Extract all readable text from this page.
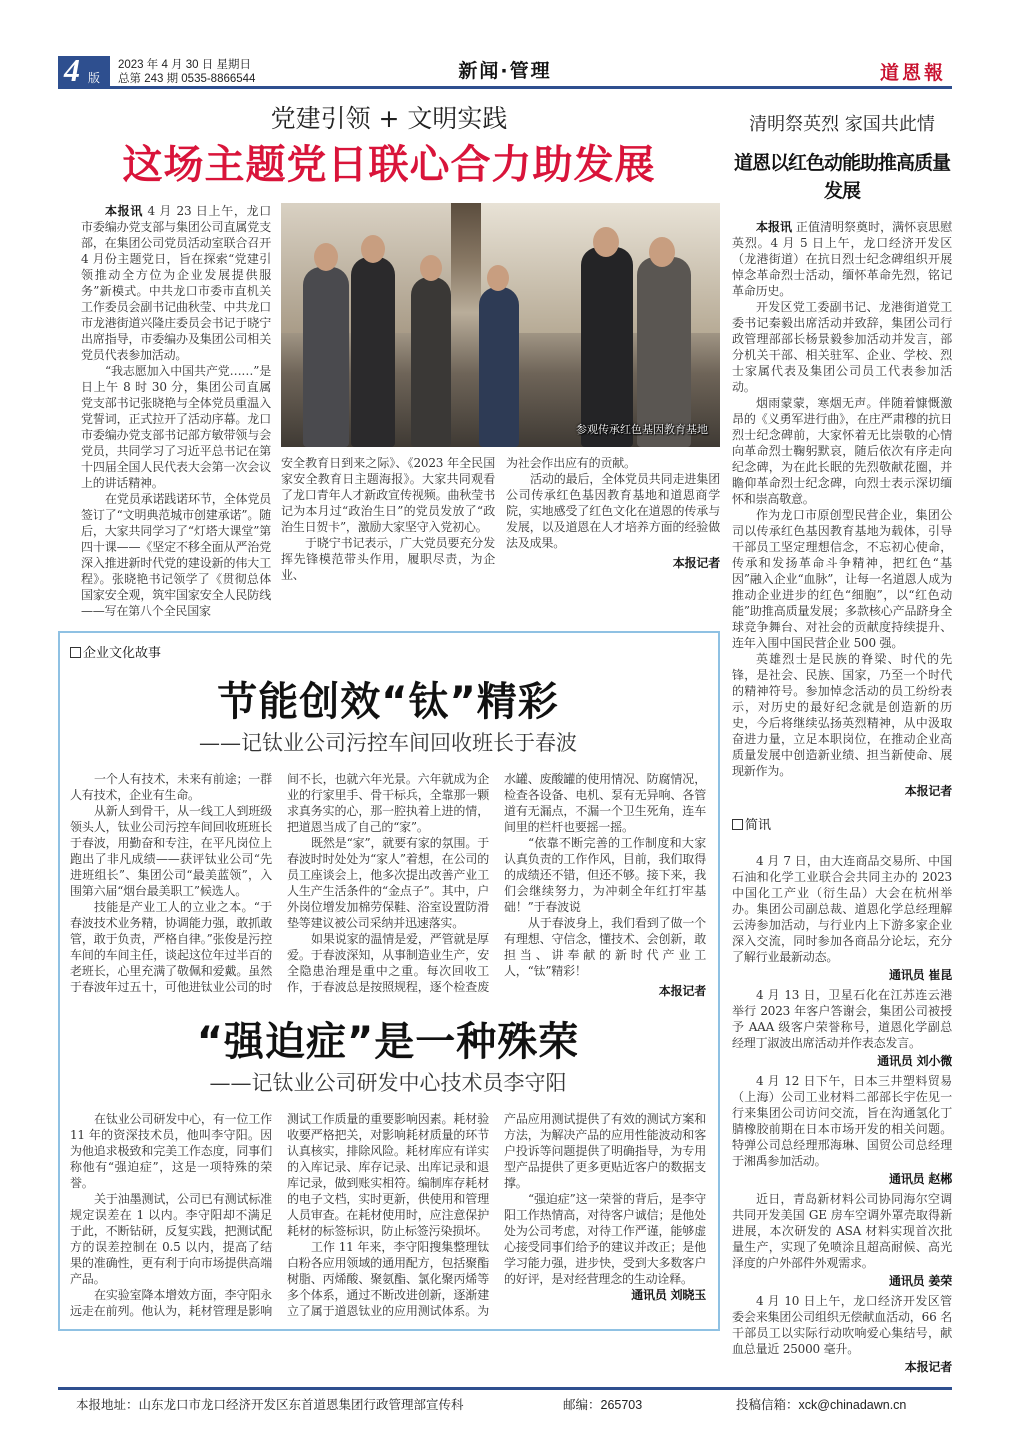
4 版
2023 年 4 月 30 日 星期日
总第 243 期 0535-8866544	新闻·管理	道恩報
党建引领 + 文明实践
这场主题党日联心合力助发展

本报讯 4 月 23 日上午，龙口市委编办党支部与集团公司直属党支部，在集团公司党员活动室联合召开 4 月份主题党日，旨在探索“党建引领推动全方位为企业发展提供服务”新模式。中共龙口市委市直机关工作委员会副书记曲秋莹、中共龙口市龙港街道兴隆庄委员会书记于晓宁出席指导，市委编办及集团公司相关党员代表参加活动。

“我志愿加入中国共产党……”是日上午 8 时 30 分，集团公司直属党支部书记张晓艳与全体党员重温入党誓词，正式拉开了活动序幕。龙口市委编办党支部书记部方敏带领与会党员，共同学习了习近平总书记在第十四届全国人民代表大会第一次会议上的讲话精神。

在党员承诺践诺环节，全体党员签订了“文明典范城市创建承诺”。随后，大家共同学习了“灯塔大课堂”第四十课——《坚定不移全面从严治党 深入推进新时代党的建设新的伟大工程》。张晓艳书记领学了《贯彻总体国家安全观，筑牢国家安全人民防线——写在第八个全民国家

参观传承红色基因教育基地

安全教育日到来之际》、《2023 年全民国家安全教育日主题海报》。大家共同观看了龙口青年人才新政宣传视频。曲秋莹书记为本月过“政治生日”的党员发放了“政治生日贺卡”，激励大家坚守入党初心。

于晓宁书记表示，广大党员要充分发挥先锋模范带头作用，履职尽责，为企业、

为社会作出应有的贡献。

活动的最后，全体党员共同走进集团公司传承红色基因教育基地和道恩商学院，实地感受了红色文化在道恩的传承与发展，以及道恩在人才培养方面的经验做法及成果。

本报记者
企业文化故事
节能创效“钛”精彩
——记钛业公司污控车间回收班长于春波

一个人有技术，未来有前途；一群人有技术，企业有生命。

从新人到骨干，从一线工人到班级领头人，钛业公司污控车间回收班班长于春波，用勤奋和专注，在平凡岗位上跑出了非凡成绩——获评钛业公司“先进班组长”、集团公司“最美蓝领”，入围第六届“烟台最美职工”候选人。

技能是产业工人的立业之本。“于春波技术业务精，协调能力强，敢抓敢管，敢于负责，严格自律。”张俊是污控车间的车间主任，谈起这位年过半百的老班长，心里充满了敬佩和爱戴。虽然于春波年过五十，可他进钛业公司的时间不长，也就六年光景。六年就成为企业的行家里手、骨干标兵，全靠那一颗求真务实的心，那一腔执着上进的情，把道恩当成了自己的“家”。

既然是“家”，就要有家的氛围。于春波时时处处为“家人”着想，在公司的员工座谈会上，他多次提出改善产业工人生产生活条件的“金点子”。其中，户外岗位增发加棉劳保鞋、浴室设置防滑垫等建议被公司采纳并迅速落实。

如果说家的温情是爱，严管就是厚爱。于春波深知，从事制造业生产，安全隐患治理是重中之重。每次回收工作，于春波总是按照规程，逐个检查废水罐、废酸罐的使用情况、防腐情况，检查各设备、电机、泵有无异响、各管道有无漏点，不漏一个卫生死角，连车间里的栏杆也要摇一摇。

“依靠不断完善的工作制度和大家认真负责的工作作风，目前，我们取得的成绩还不错，但还不够。接下来，我们会继续努力，为冲刺全年红打牢基础！”于春波说

从于春波身上，我们看到了做一个有理想、守信念，懂技术、会创新，敢担当、讲奉献的新时代产业工人，“钛”精彩！

本报记者
“强迫症”是一种殊荣
——记钛业公司研发中心技术员李守阳

在钛业公司研发中心，有一位工作 11 年的资深技术员，他叫李守阳。因为他追求极致和完美工作态度，同事们称他有“强迫症”，这是一项特殊的荣誉。

关于油墨测试，公司已有测试标准规定误差在 1 以内。李守阳却不满足于此，不断钻研，反复实践，把测试配方的误差控制在 0.5 以内，提高了结果的准确性，更有利于向市场提供高端产品。

在实验室降本增效方面，李守阳永远走在前列。他认为，耗材管理是影响测试工作质量的重要影响因素。耗材验收要严格把关，对影响耗材质量的环节认真核实，排除风险。耗材库应有详实的入库记录、库存记录、出库记录和退库记录，做到账实相符。编制库存耗材的电子文档，实时更新，供使用和管理人员审查。在耗材使用时，应注意保护耗材的标签标识，防止标签污染损坏。

工作 11 年来，李守阳搜集整理钛白粉各应用领域的通用配方，包括聚酯树脂、丙烯酸、聚氨酯、氯化聚丙烯等多个体系，通过不断改进创新，逐渐建立了属于道恩钛业的应用测试体系。为产品应用测试提供了有效的测试方案和方法，为解决产品的应用性能波动和客户投诉等问题提供了明确指导，为专用型产品提供了更多更贴近客户的数据支撑。

“强迫症”这一荣誉的背后，是李守阳工作热情高，对待客户诚信；是他处处为公司考虑，对待工作严谨，能够虚心接受同事们给予的建议并改正；是他学习能力强，进步快，受到大多数客户的好评，是对经营理念的生动诠释。

通讯员 刘晓玉
清明祭英烈 家国共此情
道恩以红色动能助推高质量发展

本报讯 正值清明祭奠时，满怀哀思慰英烈。4 月 5 日上午，龙口经济开发区（龙港街道）在抗日烈士纪念碑组织开展悼念革命烈士活动，缅怀革命先烈，铭记革命历史。

开发区党工委副书记、龙港街道党工委书记秦毅出席活动并致辞，集团公司行政管理部部长杨景毅参加活动并发言，部分机关干部、相关驻军、企业、学校、烈士家属代表及集团公司员工代表参加活动。

烟雨蒙蒙，寒烟无声。伴随着慷慨激昂的《义勇军进行曲》，在庄严肃穆的抗日烈士纪念碑前，大家怀着无比崇敬的心情向革命烈士鞠躬默哀，随后依次有序走向纪念碑，为在此长眠的先烈敬献花圈，并瞻仰革命烈士纪念碑，向烈士表示深切缅怀和崇高敬意。

作为龙口市原创型民营企业，集团公司以传承红色基因教育基地为载体，引导干部员工坚定理想信念，不忘初心使命，传承和发扬革命斗争精神，把红色“基因”融入企业“血脉”，让每一名道恩人成为推动企业进步的红色“细胞”，以“红色动能”助推高质量发展；多款核心产品跻身全球竞争舞台、对社会的贡献度持续提升、连年入围中国民营企业 500 强。

英雄烈士是民族的脊梁、时代的先锋，是社会、民族、国家，乃至一个时代的精神符号。参加悼念活动的员工纷纷表示，对历史的最好纪念就是创造新的历史，今后将继续弘扬英烈精神，从中汲取奋进力量，立足本职岗位，在推动企业高质量发展中创造新业绩、担当新使命、展现新作为。

本报记者
简讯

4 月 7 日，由大连商品交易所、中国石油和化学工业联合会共同主办的 2023 中国化工产业（衍生品）大会在杭州举办。集团公司副总裁、道恩化学总经理解云涛参加活动，与行业内上下游多家企业深入交流，同时参加各商品分论坛，充分了解行业最新动态。

通讯员 崔昆

4 月 13 日，卫星石化在江苏连云港举行 2023 年客户答谢会，集团公司被授予 AAA 级客户荣誉称号，道恩化学副总经理丁淑波出席活动并作表态发言。

通讯员 刘小微

4 月 12 日下午，日本三井塑料贸易（上海）公司工业材料二部部长宇佐见一行来集团公司访问交流，旨在沟通氢化丁腈橡胶前期在日本市场开发的相关问题。特弹公司总经理邢海琳、国贸公司总经理于湘禹参加活动。

通讯员 赵郴

近日，青岛新材料公司协同海尔空调共同开发美国 GE 房车空调外罩壳取得新进展，本次研发的 ASA 材料实现首次批量生产，实现了免喷涂且超高耐候、高光泽度的户外部件外观需求。

通讯员 姜荣

4 月 10 日上午，龙口经济开发区管委会来集团公司组织无偿献血活动，66 名干部员工以实际行动吹响爱心集结号，献血总量近 25000 毫升。

本报记者
本报地址：山东龙口市龙口经济开发区东首道恩集团行政管理部宣传科	邮编：265703	投稿信箱：xck@chinadawn.cn
